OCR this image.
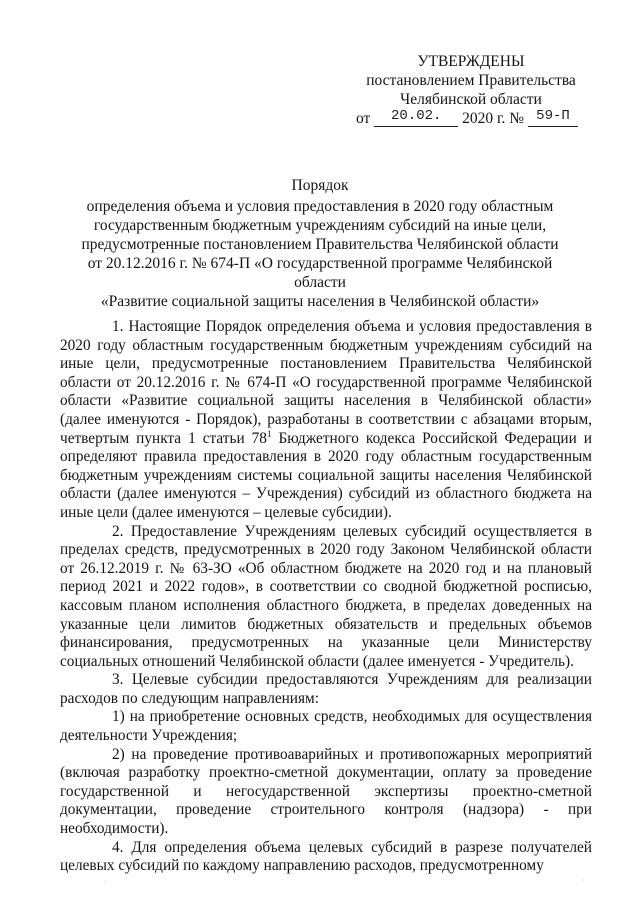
УТВЕРЖДЕНЫ
постановлением Правительства
Челябинской области
от 20.02. 2020 г. № 59-П
Порядок
определения объема и условия предоставления в 2020 году областным
государственным бюджетным учреждениям субсидий на иные цели,
предусмотренные постановлением Правительства Челябинской области
от 20.12.2016 г. № 674-П «О государственной программе Челябинской области
«Развитие социальной защиты населения в Челябинской области»

1. Настоящие Порядок определения объема и условия предоставления в 2020 году областным государственным бюджетным учреждениям субсидий на иные цели, предусмотренные постановлением Правительства Челябинской области от 20.12.2016 г. № 674-П «О государственной программе Челябинской области «Развитие социальной защиты населения в Челябинской области» (далее именуются - Порядок), разработаны в соответствии с абзацами вторым, четвертым пункта 1 статьи $78^1$ Бюджетного кодекса Российской Федерации и определяют правила предоставления в 2020 году областным государственным бюджетным учреждениям системы социальной защиты населения Челябинской области (далее именуются – Учреждения) субсидий из областного бюджета на иные цели (далее именуются – целевые субсидии).

2. Предоставление Учреждениям целевых субсидий осуществляется в пределах средств, предусмотренных в 2020 году Законом Челябинской области от 26.12.2019 г. № 63-ЗО «Об областном бюджете на 2020 год и на плановый период 2021 и 2022 годов», в соответствии со сводной бюджетной росписью, кассовым планом исполнения областного бюджета, в пределах доведенных на указанные цели лимитов бюджетных обязательств и предельных объемов финансирования, предусмотренных на указанные цели Министерству социальных отношений Челябинской области (далее именуется - Учредитель).

3. Целевые субсидии предоставляются Учреждениям для реализации расходов по следующим направлениям:

1) на приобретение основных средств, необходимых для осуществления деятельности Учреждения;

2) на проведение противоаварийных и противопожарных мероприятий (включая разработку проектно-сметной документации, оплату за проведение государственной и негосударственной экспертизы проектно-сметной документации, проведение строительного контроля (надзора) - при необходимости).

4. Для определения объема целевых субсидий в разрезе получателей целевых субсидий по каждому направлению расходов, предусмотренному

·	·
